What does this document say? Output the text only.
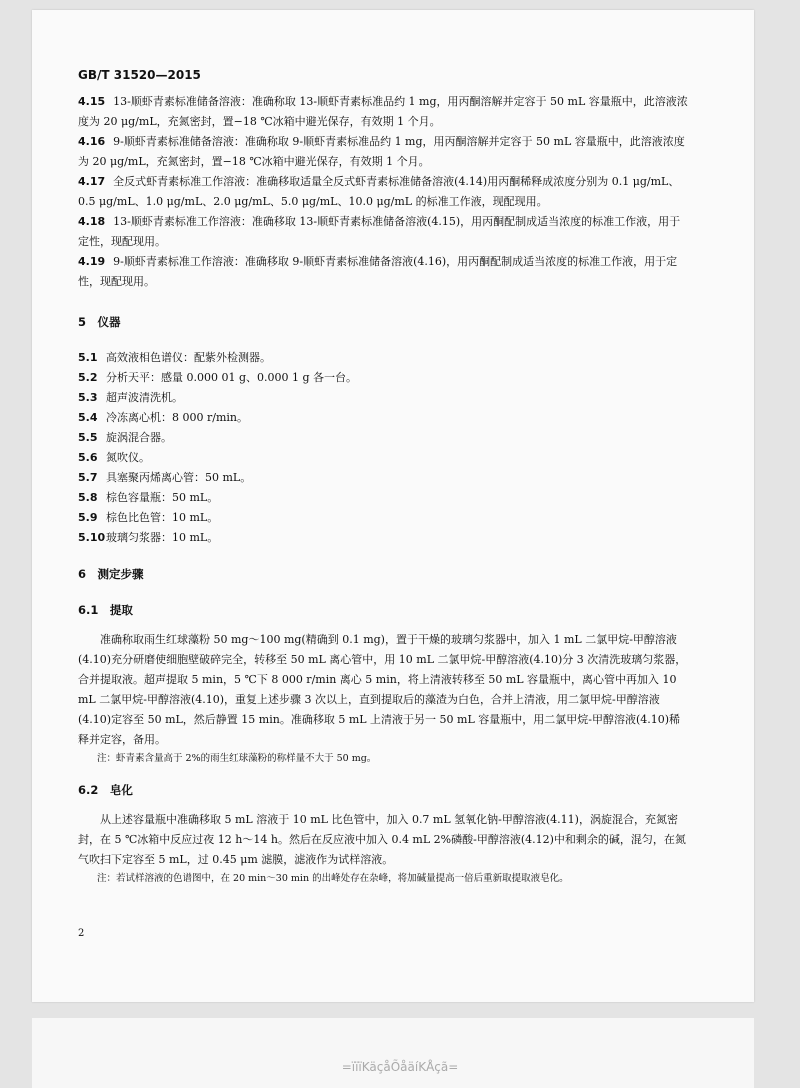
GB/T 31520—2015

4.15 13-顺虾青素标准储备溶液：准确称取 13-顺虾青素标准品约 1 mg，用丙酮溶解并定容于 50 mL 容量瓶中，此溶液浓度为 20 μg/mL，充氮密封，置−18 ℃冰箱中避光保存，有效期 1 个月。

4.16 9-顺虾青素标准储备溶液：准确称取 9-顺虾青素标准品约 1 mg，用丙酮溶解并定容于 50 mL 容量瓶中，此溶液浓度为 20 μg/mL，充氮密封，置−18 ℃冰箱中避光保存，有效期 1 个月。

4.17 全反式虾青素标准工作溶液：准确移取适量全反式虾青素标准储备溶液(4.14)用丙酮稀释成浓度分别为 0.1 μg/mL、0.5 μg/mL、1.0 μg/mL、2.0 μg/mL、5.0 μg/mL、10.0 μg/mL 的标准工作液，现配现用。

4.18 13-顺虾青素标准工作溶液：准确移取 13-顺虾青素标准储备溶液(4.15)，用丙酮配制成适当浓度的标准工作液，用于定性，现配现用。

4.19 9-顺虾青素标准工作溶液：准确移取 9-顺虾青素标准储备溶液(4.16)，用丙酮配制成适当浓度的标准工作液，用于定性，现配现用。

5　仪器

5.1 高效液相色谱仪：配紫外检测器。

5.2 分析天平：感量 0.000 01 g、0.000 1 g 各一台。

5.3 超声波清洗机。

5.4 冷冻离心机：8 000 r/min。

5.5 旋涡混合器。

5.6 氮吹仪。

5.7 具塞聚丙烯离心管：50 mL。

5.8 棕色容量瓶：50 mL。

5.9 棕色比色管：10 mL。

5.10玻璃匀浆器：10 mL。

6　测定步骤

6.1　提取

准确称取雨生红球藻粉 50 mg～100 mg(精确到 0.1 mg)，置于干燥的玻璃匀浆器中，加入 1 mL 二氯甲烷-甲醇溶液(4.10)充分研磨使细胞壁破碎完全，转移至 50 mL 离心管中，用 10 mL 二氯甲烷-甲醇溶液(4.10)分 3 次清洗玻璃匀浆器，合并提取液。超声提取 5 min，5 ℃下 8 000 r/min 离心 5 min，将上清液转移至 50 mL 容量瓶中，离心管中再加入 10 mL 二氯甲烷-甲醇溶液(4.10)，重复上述步骤 3 次以上，直到提取后的藻渣为白色，合并上清液，用二氯甲烷-甲醇溶液(4.10)定容至 50 mL，然后静置 15 min。准确移取 5 mL 上清液于另一 50 mL 容量瓶中，用二氯甲烷-甲醇溶液(4.10)稀释并定容，备用。

注：虾青素含量高于 2%的雨生红球藻粉的称样量不大于 50 mg。

6.2　皂化

从上述容量瓶中准确移取 5 mL 溶液于 10 mL 比色管中，加入 0.7 mL 氢氧化钠-甲醇溶液(4.11)，涡旋混合，充氮密封，在 5 ℃冰箱中反应过夜 12 h～14 h。然后在反应液中加入 0.4 mL 2%磷酸-甲醇溶液(4.12)中和剩余的碱，混匀，在氮气吹扫下定容至 5 mL，过 0.45 μm 滤膜，滤液作为试样溶液。

注：若试样溶液的色谱图中，在 20 min～30 min 的出峰处存在杂峰，将加碱量提高一倍后重新取提取液皂化。

2
=ïïïKäçåÕåäíKÅçã=
